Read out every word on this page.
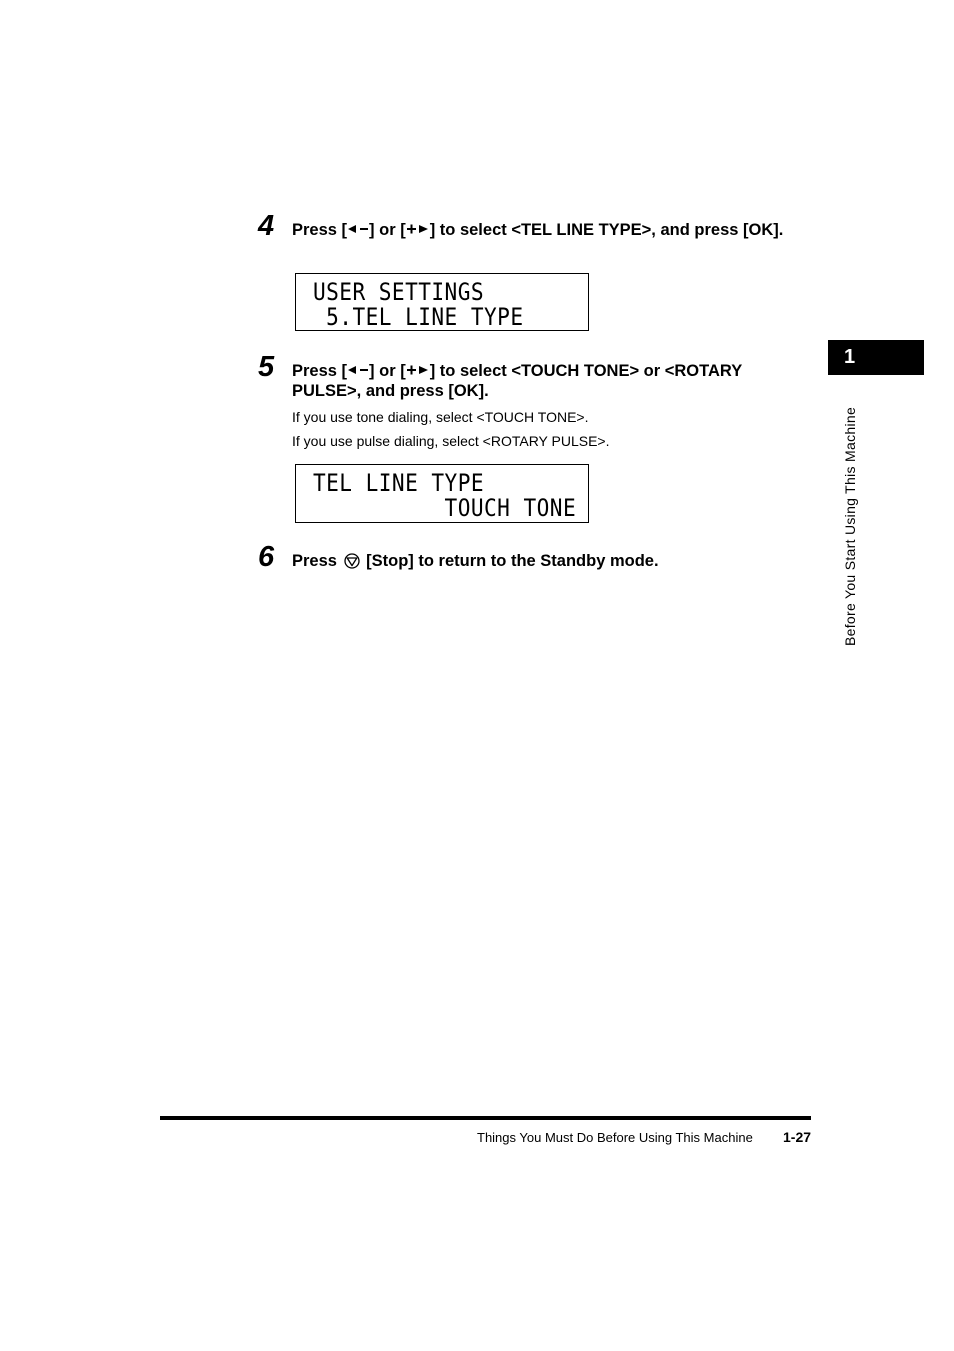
4 Press [ ] or [ ] to select <TEL LINE TYPE>, and press [OK].
USER SETTINGS
5.TEL LINE TYPE
5 Press [ ] or [ ] to select <TOUCH TONE> or <ROTARY PULSE>, and press [OK].
If you use tone dialing, select <TOUCH TONE>.
If you use pulse dialing, select <ROTARY PULSE>.
TEL LINE TYPE
TOUCH TONE
6 Press [Stop] to return to the Standby mode.
1
Before You Start Using This Machine
Things You Must Do Before Using This Machine 1-27
